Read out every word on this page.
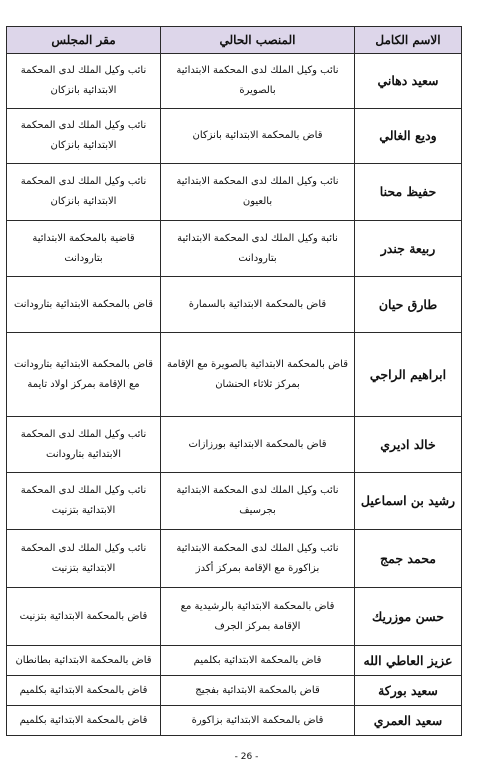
الاسم الكامل	المنصب الحالي	مقر المجلس
سعيد دهاني	نائب وكيل الملك لدى المحكمة الابتدائية بالصويرة	نائب وكيل الملك لدى المحكمة الابتدائية بانزكان
وديع الغالي	قاض بالمحكمة الابتدائية بانزكان	نائب وكيل الملك لدى المحكمة الابتدائية بانزكان
حفيظ محنا	نائب وكيل الملك لدى المحكمة الابتدائية بالعيون	نائب وكيل الملك لدى المحكمة الابتدائية بانزكان
ربيعة جندر	نائبة وكيل الملك لدى المحكمة الابتدائية بتارودانت	قاضية بالمحكمة الابتدائية بتارودانت
طارق حيان	قاض بالمحكمة الابتدائية بالسمارة	قاض بالمحكمة الابتدائية بتارودانت
ابراهيم الراجي	قاض بالمحكمة الابتدائية بالصويرة مع الإقامة بمركز ثلاثاء الحنشان	قاض بالمحكمة الابتدائية بتارودانت مع الإقامة بمركز اولاد تايمة
خالد اديري	قاض بالمحكمة الابتدائية بورزازات	نائب وكيل الملك لدى المحكمة الابتدائية بتارودانت
رشيد بن اسماعيل	نائب وكيل الملك لدى المحكمة الابتدائية بجرسيف	نائب وكيل الملك لدى المحكمة الابتدائية بتزنيت
محمد جمج	نائب وكيل الملك لدى المحكمة الابتدائية بزاكورة مع الإقامة بمركز أكدز	نائب وكيل الملك لدى المحكمة الابتدائية بتزنيت
حسن موزريك	قاض بالمحكمة الابتدائية بالرشيدية مع الإقامة بمركز الجرف	قاض بالمحكمة الابتدائية بتزنيت
عزيز العاطي الله	قاض بالمحكمة الابتدائية بكلميم	قاض بالمحكمة الابتدائية بطانطان
سعيد بوركة	قاض بالمحكمة الابتدائية بفجيج	قاض بالمحكمة الابتدائية بكلميم
سعيد العمري	قاض بالمحكمة الابتدائية بزاكورة	قاض بالمحكمة الابتدائية بكلميم
- 26 -
